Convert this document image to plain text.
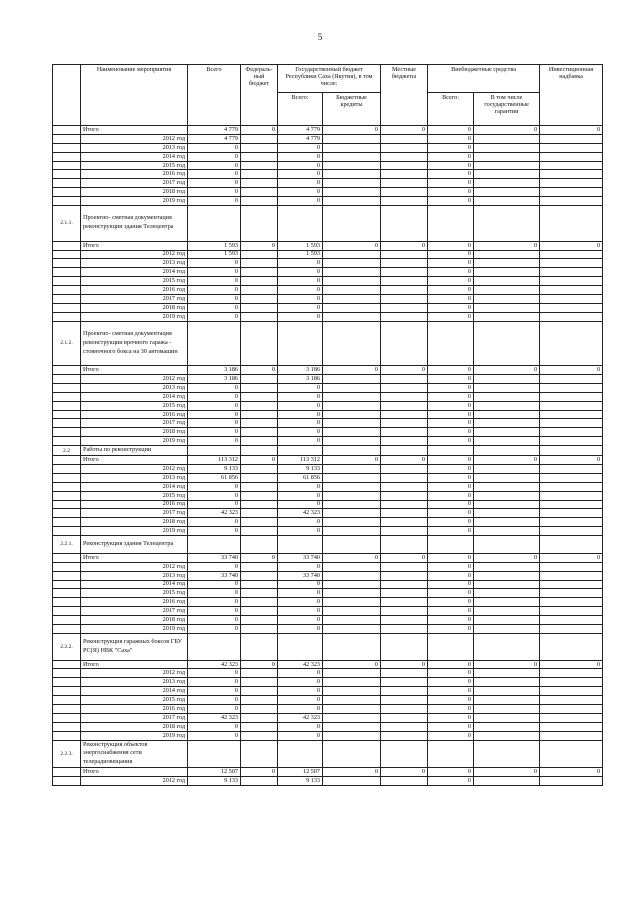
5
	Наименование мероприятия	Всего	Федераль-ный бюджет	Государственный бюджет Республики Саха (Якутия), в том числе:		Местные бюджеты	Внебюджетные средства		Инвестиционная надбавка
				Всего:	Бюджетные кредиты		Всего:	В том числе государственные гарантии	
	Итого	4 779	0	4 779	0	0	0	0	0
	2012 год	4 779		4 779			0		
	2013 год	0		0			0		
	2014 год	0		0			0		
	2015 год	0		0			0		
	2016 год	0		0			0		
	2017 год	0		0			0		
	2018 год	0		0			0		
	2019 год	0		0			0		
2.1.1.	Проектно- сметная документация реконструкции здания Телецентра								
	Итого	1 593	0	1 593	0	0	0	0	0
	2012 год	1 593		1 593			0		
	2013 год	0		0			0		
	2014 год	0		0			0		
	2015 год	0		0			0		
	2016 год	0		0			0		
	2017 год	0		0			0		
	2018 год	0		0			0		
	2019 год	0		0			0		
2.1.2.	Проектно- сметная документация реконструкции врочного гаража - стояночного бокса на 30 автомашин								
	Итого	3 186	0	3 186	0	0	0	0	0
	2012 год	3 186		3 186			0		
	2013 год	0		0			0		
	2014 год	0		0			0		
	2015 год	0		0			0		
	2016 год	0		0			0		
	2017 год	0		0			0		
	2018 год	0		0			0		
	2019 год	0		0			0		
2.2	Работы по реконструкции								
	Итого	113 312	0	113 312	0	0	0	0	0
	2012 год	9 133		9 133			0		
	2013 год	61 856		61 856			0		
	2014 год	0		0			0		
	2015 год	0		0			0		
	2016 год	0		0			0		
	2017 год	42 323		42 323			0		
	2018 год	0		0			0		
	2019 год	0		0			0		
2.2.1.	Реконструкция здания Телецентра								
	Итого	33 740	0	33 740	0	0	0	0	0
	2012 год	0		0			0		
	2013 год	33 740		33 740			0		
	2014 год	0		0			0		
	2015 год	0		0			0		
	2016 год	0		0			0		
	2017 год	0		0			0		
	2018 год	0		0			0		
	2019 год	0		0			0		
2.2.2.	Реконструкция гаражных боксов ГБУ РС(Я) НВК "Саха"								
	Итого	42 323	0	42 323	0	0	0	0	0
	2012 год	0		0			0		
	2013 год	0		0			0		
	2014 год	0		0			0		
	2015 год	0		0			0		
	2016 год	0		0			0		
	2017 год	42 323		42 323			0		
	2018 год	0		0			0		
	2019 год	0		0			0		
2.2.3.	Реконструкция объектов энергоснабжения сети телерадиовещания								
	Итого	12 507	0	12 507	0	0	0	0	0
	2012 год	9 133		9 133			0		
